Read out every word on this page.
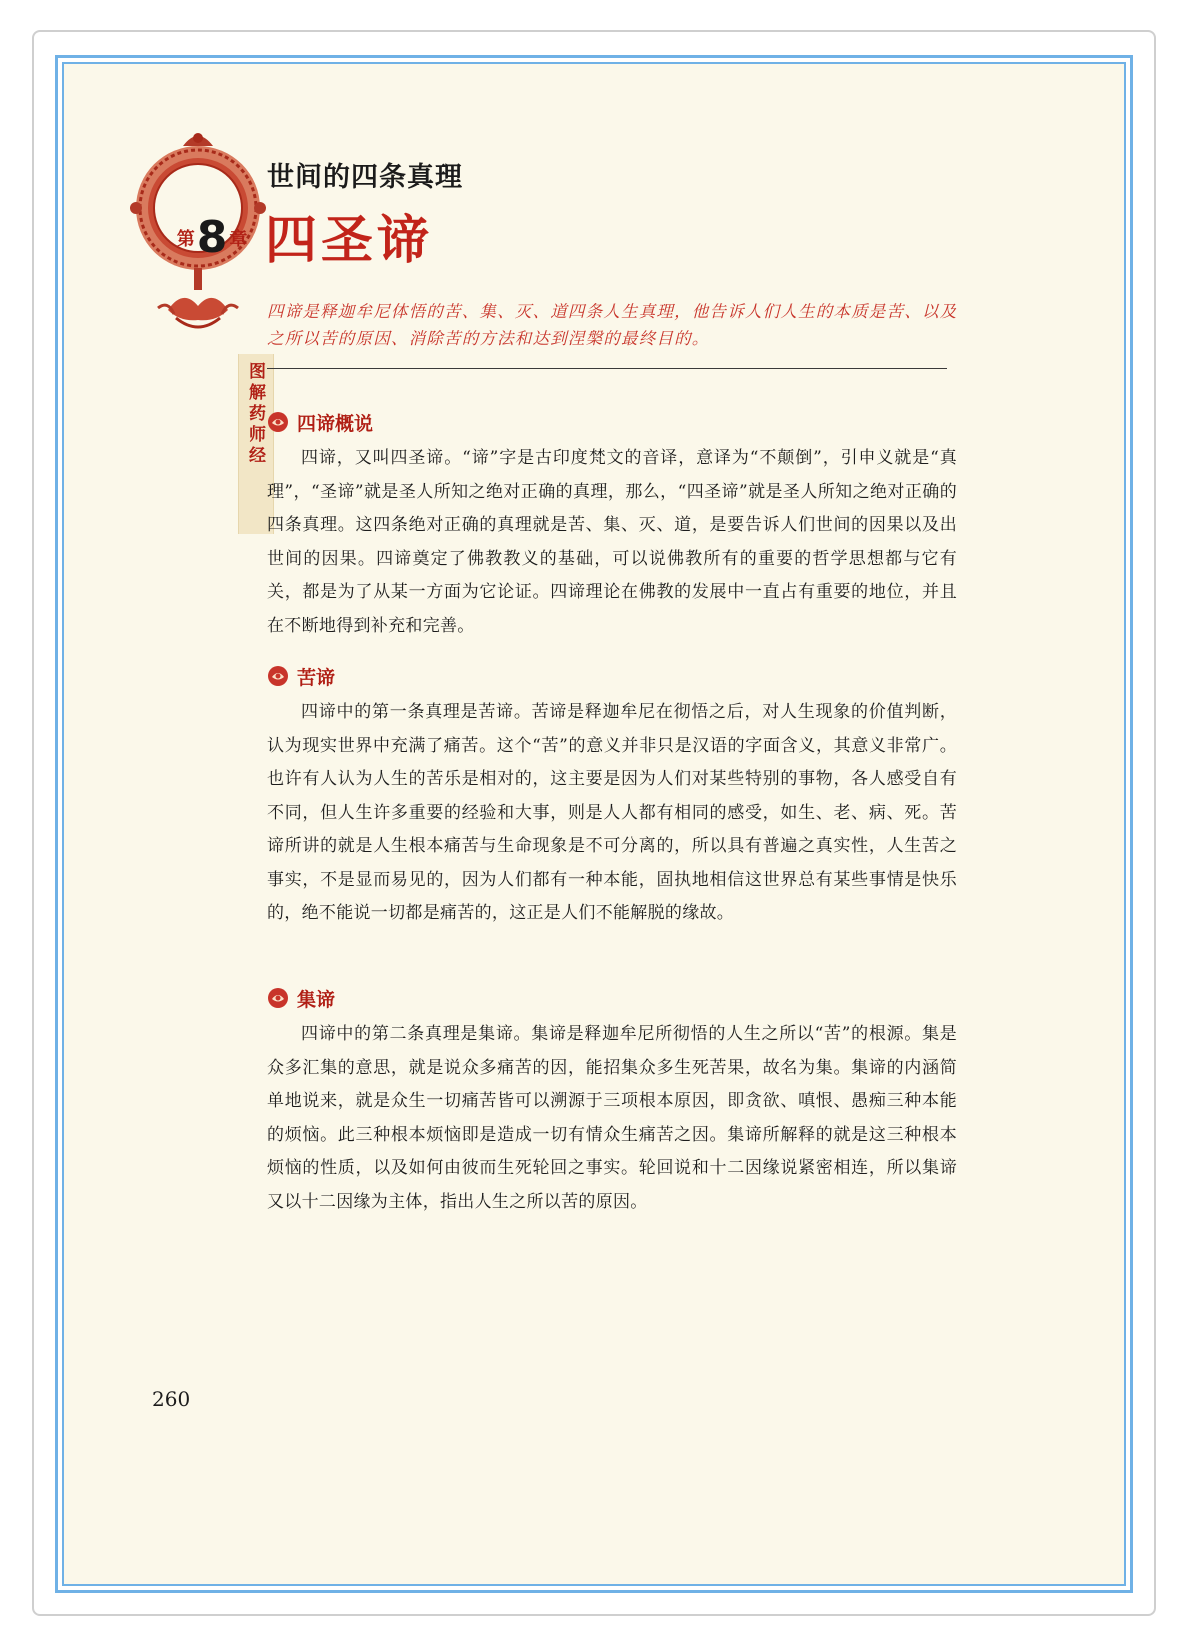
第 8 章
图解药师经
世间的四条真理
四圣谛
四谛是释迦牟尼体悟的苦、集、灭、道四条人生真理，他告诉人们人生的本质是苦、以及之所以苦的原因、消除苦的方法和达到涅槃的最终目的。
四谛概说

四谛，又叫四圣谛。“谛”字是古印度梵文的音译，意译为“不颠倒”，引申义就是“真理”，“圣谛”就是圣人所知之绝对正确的真理，那么，“四圣谛”就是圣人所知之绝对正确的四条真理。这四条绝对正确的真理就是苦、集、灭、道，是要告诉人们世间的因果以及出世间的因果。四谛奠定了佛教教义的基础，可以说佛教所有的重要的哲学思想都与它有关，都是为了从某一方面为它论证。四谛理论在佛教的发展中一直占有重要的地位，并且在不断地得到补充和完善。

苦谛

四谛中的第一条真理是苦谛。苦谛是释迦牟尼在彻悟之后，对人生现象的价值判断，认为现实世界中充满了痛苦。这个“苦”的意义并非只是汉语的字面含义，其意义非常广。也许有人认为人生的苦乐是相对的，这主要是因为人们对某些特别的事物，各人感受自有不同，但人生许多重要的经验和大事，则是人人都有相同的感受，如生、老、病、死。苦谛所讲的就是人生根本痛苦与生命现象是不可分离的，所以具有普遍之真实性，人生苦之事实，不是显而易见的，因为人们都有一种本能，固执地相信这世界总有某些事情是快乐的，绝不能说一切都是痛苦的，这正是人们不能解脱的缘故。

集谛

四谛中的第二条真理是集谛。集谛是释迦牟尼所彻悟的人生之所以“苦”的根源。集是众多汇集的意思，就是说众多痛苦的因，能招集众多生死苦果，故名为集。集谛的内涵简单地说来，就是众生一切痛苦皆可以溯源于三项根本原因，即贪欲、嗔恨、愚痴三种本能的烦恼。此三种根本烦恼即是造成一切有情众生痛苦之因。集谛所解释的就是这三种根本烦恼的性质，以及如何由彼而生死轮回之事实。轮回说和十二因缘说紧密相连，所以集谛又以十二因缘为主体，指出人生之所以苦的原因。

260
